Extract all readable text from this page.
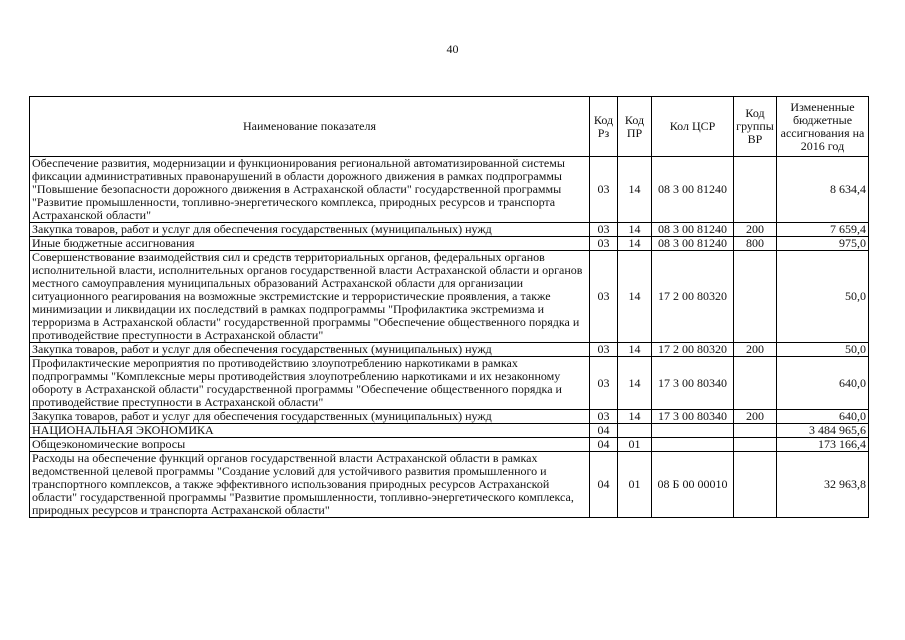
40
Наименование показателя	Код Рз	Код ПР	Кол ЦСР	Код группы ВР	Измененные бюджетные ассигнования на 2016 год
Обеспечение развития, модернизации и функционирования региональной автоматизированной системы фиксации административных правонарушений в области дорожного движения в рамках подпрограммы "Повышение безопасности дорожного движения в Астраханской области" государственной программы "Развитие промышленности, топливно-энергетического комплекса, природных ресурсов и транспорта Астраханской области"	03	14	08 3 00 81240		8 634,4
Закупка товаров, работ и услуг для обеспечения государственных (муниципальных) нужд	03	14	08 3 00 81240	200	7 659,4
Иные бюджетные ассигнования	03	14	08 3 00 81240	800	975,0
Совершенствование взаимодействия сил и средств территориальных органов, федеральных органов исполнительной власти, исполнительных органов государственной власти Астраханской области и органов местного самоуправления муниципальных образований Астраханской области для организации ситуационного реагирования на возможные экстремистские и террористические проявления, а также минимизации и ликвидации их последствий в рамках подпрограммы "Профилактика экстремизма и терроризма в Астраханской области" государственной программы "Обеспечение общественного порядка и противодействие преступности в Астраханской области"	03	14	17 2 00 80320		50,0
Закупка товаров, работ и услуг для обеспечения государственных (муниципальных) нужд	03	14	17 2 00 80320	200	50,0
Профилактические мероприятия по противодействию злоупотреблению наркотиками в рамках подпрограммы "Комплексные меры противодействия злоупотреблению наркотиками и их незаконному обороту в Астраханской области" государственной программы "Обеспечение общественного порядка и противодействие преступности в Астраханской области"	03	14	17 3 00 80340		640,0
Закупка товаров, работ и услуг для обеспечения государственных (муниципальных) нужд	03	14	17 3 00 80340	200	640,0
НАЦИОНАЛЬНАЯ ЭКОНОМИКА	04				3 484 965,6
Общеэкономические вопросы	04	01			173 166,4
Расходы на обеспечение функций органов государственной власти Астраханской области в рамках ведомственной целевой программы "Создание условий для устойчивого развития промышленного и транспортного комплексов, а также эффективного использования природных ресурсов Астраханской области" государственной программы "Развитие промышленности, топливно-энергетического комплекса, природных ресурсов и транспорта Астраханской области"	04	01	08 Б 00 00010		32 963,8
